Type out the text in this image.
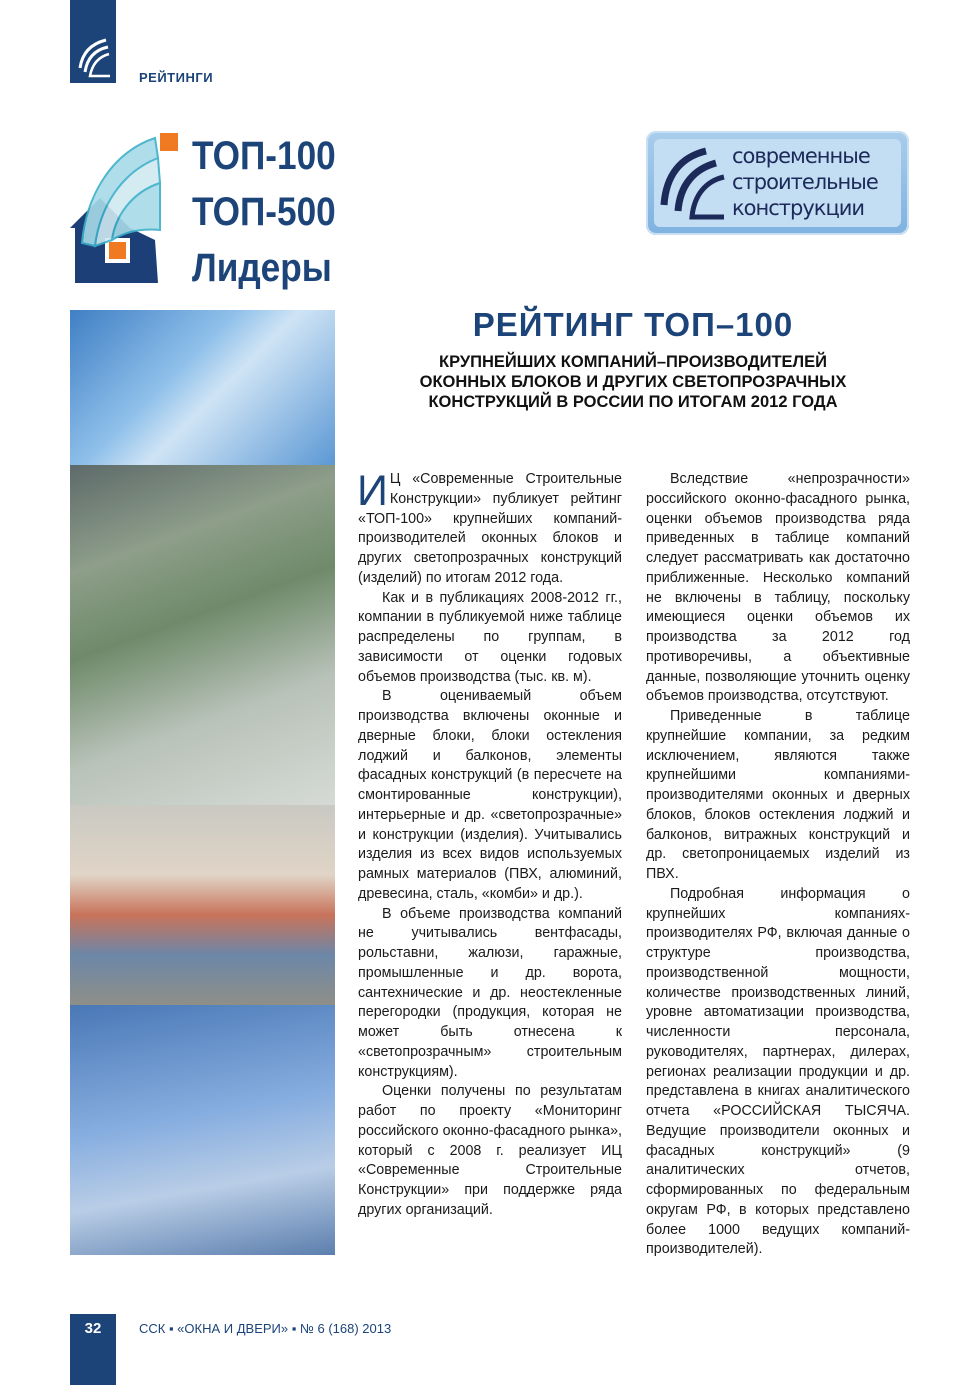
РЕЙТИНГИ
ТОП-100
ТОП-500
Лидеры
современные
строительные
конструкции
РЕЙТИНГ ТОП–100
КРУПНЕЙШИХ КОМПАНИЙ–ПРОИЗВОДИТЕЛЕЙ
ОКОННЫХ БЛОКОВ И ДРУГИХ СВЕТОПРОЗРАЧНЫХ
КОНСТРУКЦИЙ В РОССИИ ПО ИТОГАМ 2012 ГОДА

И Ц «Современные Строительные Конструкции» публикует рейтинг «ТОП-100» крупнейших компаний-производителей оконных блоков и других светопрозрачных конструкций (изделий) по итогам 2012 года.

Как и в публикациях 2008-2012 гг., компании в публикуемой ниже таблице распределены по группам, в зависимости от оценки годовых объемов производства (тыс. кв. м).

В оцениваемый объем производства включены оконные и дверные блоки, блоки остекления лоджий и балконов, элементы фасадных конструкций (в пересчете на смонтированные конструкции), интерьерные и др. «светопрозрачные» и конструкции (изделия). Учитывались изделия из всех видов используемых рамных материалов (ПВХ, алюминий, древесина, сталь, «комби» и др.).

В объеме производства компаний не учитывались вентфасады, рольставни, жалюзи, гаражные, промышленные и др. ворота, сантехнические и др. неостекленные перегородки (продукция, которая не может быть отнесена к «светопрозрачным» строительным конструкциям).

Оценки получены по результатам работ по проекту «Мониторинг российского оконно-фасадного рынка», который с 2008 г. реализует ИЦ «Современные Строительные Конструкции» при поддержке ряда других организаций.

Вследствие «непрозрачности» российского оконно-фасадного рынка, оценки объемов производства ряда приведенных в таблице компаний следует рассматривать как достаточно приближенные. Несколько компаний не включены в таблицу, поскольку имеющиеся оценки объемов их производства за 2012 год противоречивы, а объективные данные, позволяющие уточнить оценку объемов производства, отсутствуют.

Приведенные в таблице крупнейшие компании, за редким исключением, являются также крупнейшими компаниями-производителями оконных и дверных блоков, блоков остекления лоджий и балконов, витражных конструкций и др. светопроницаемых изделий из ПВХ.

Подробная информация о крупнейших компаниях-производителях РФ, включая данные о структуре производства, производственной мощности, количестве производственных линий, уровне автоматизации производства, численности персонала, руководителях, партнерах, дилерах, регионах реализации продукции и др. представлена в книгах аналитического отчета «РОССИЙСКАЯ ТЫСЯЧА. Ведущие производители оконных и фасадных конструкций» (9 аналитических отчетов, сформированных по федеральным округам РФ, в которых представлено более 1000 ведущих компаний-производителей).

32	ССК ▪ «ОКНА И ДВЕРИ» ▪ № 6 (168) 2013
